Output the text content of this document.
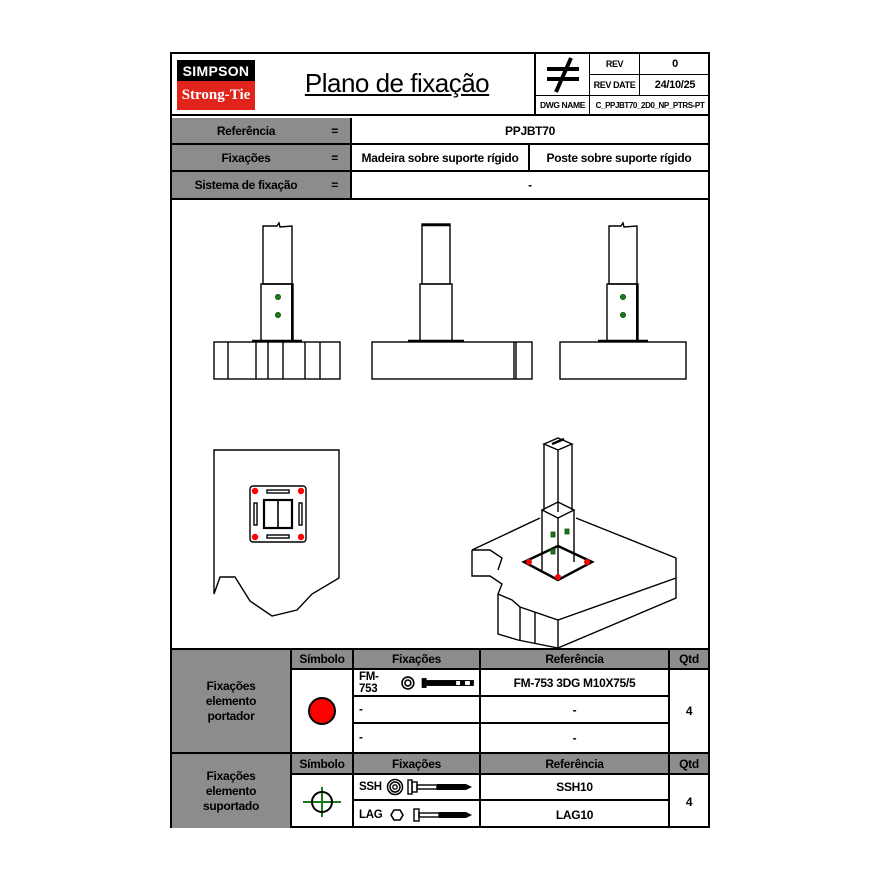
SIMPSON
Strong-Tie	Plano de fixação
REV	0
REV DATE	24/10/25
DWG NAME	C_PPJBT70_2D0_NP_PTRS-PT
Referência	=	PPJBT70
Fixações	=	Madeira sobre suporte rígido	Poste sobre suporte rígido
Sistema de fixação	=	-
Fixações elemento portador
Símbolo	Fixações	Referência	Qtd
FM-753	FM-753 3DG M10X75/5
-	-
-	-
4
Fixações elemento suportado
Símbolo	Fixações	Referência	Qtd
SSH	SSH10
LAG	LAG10
4
